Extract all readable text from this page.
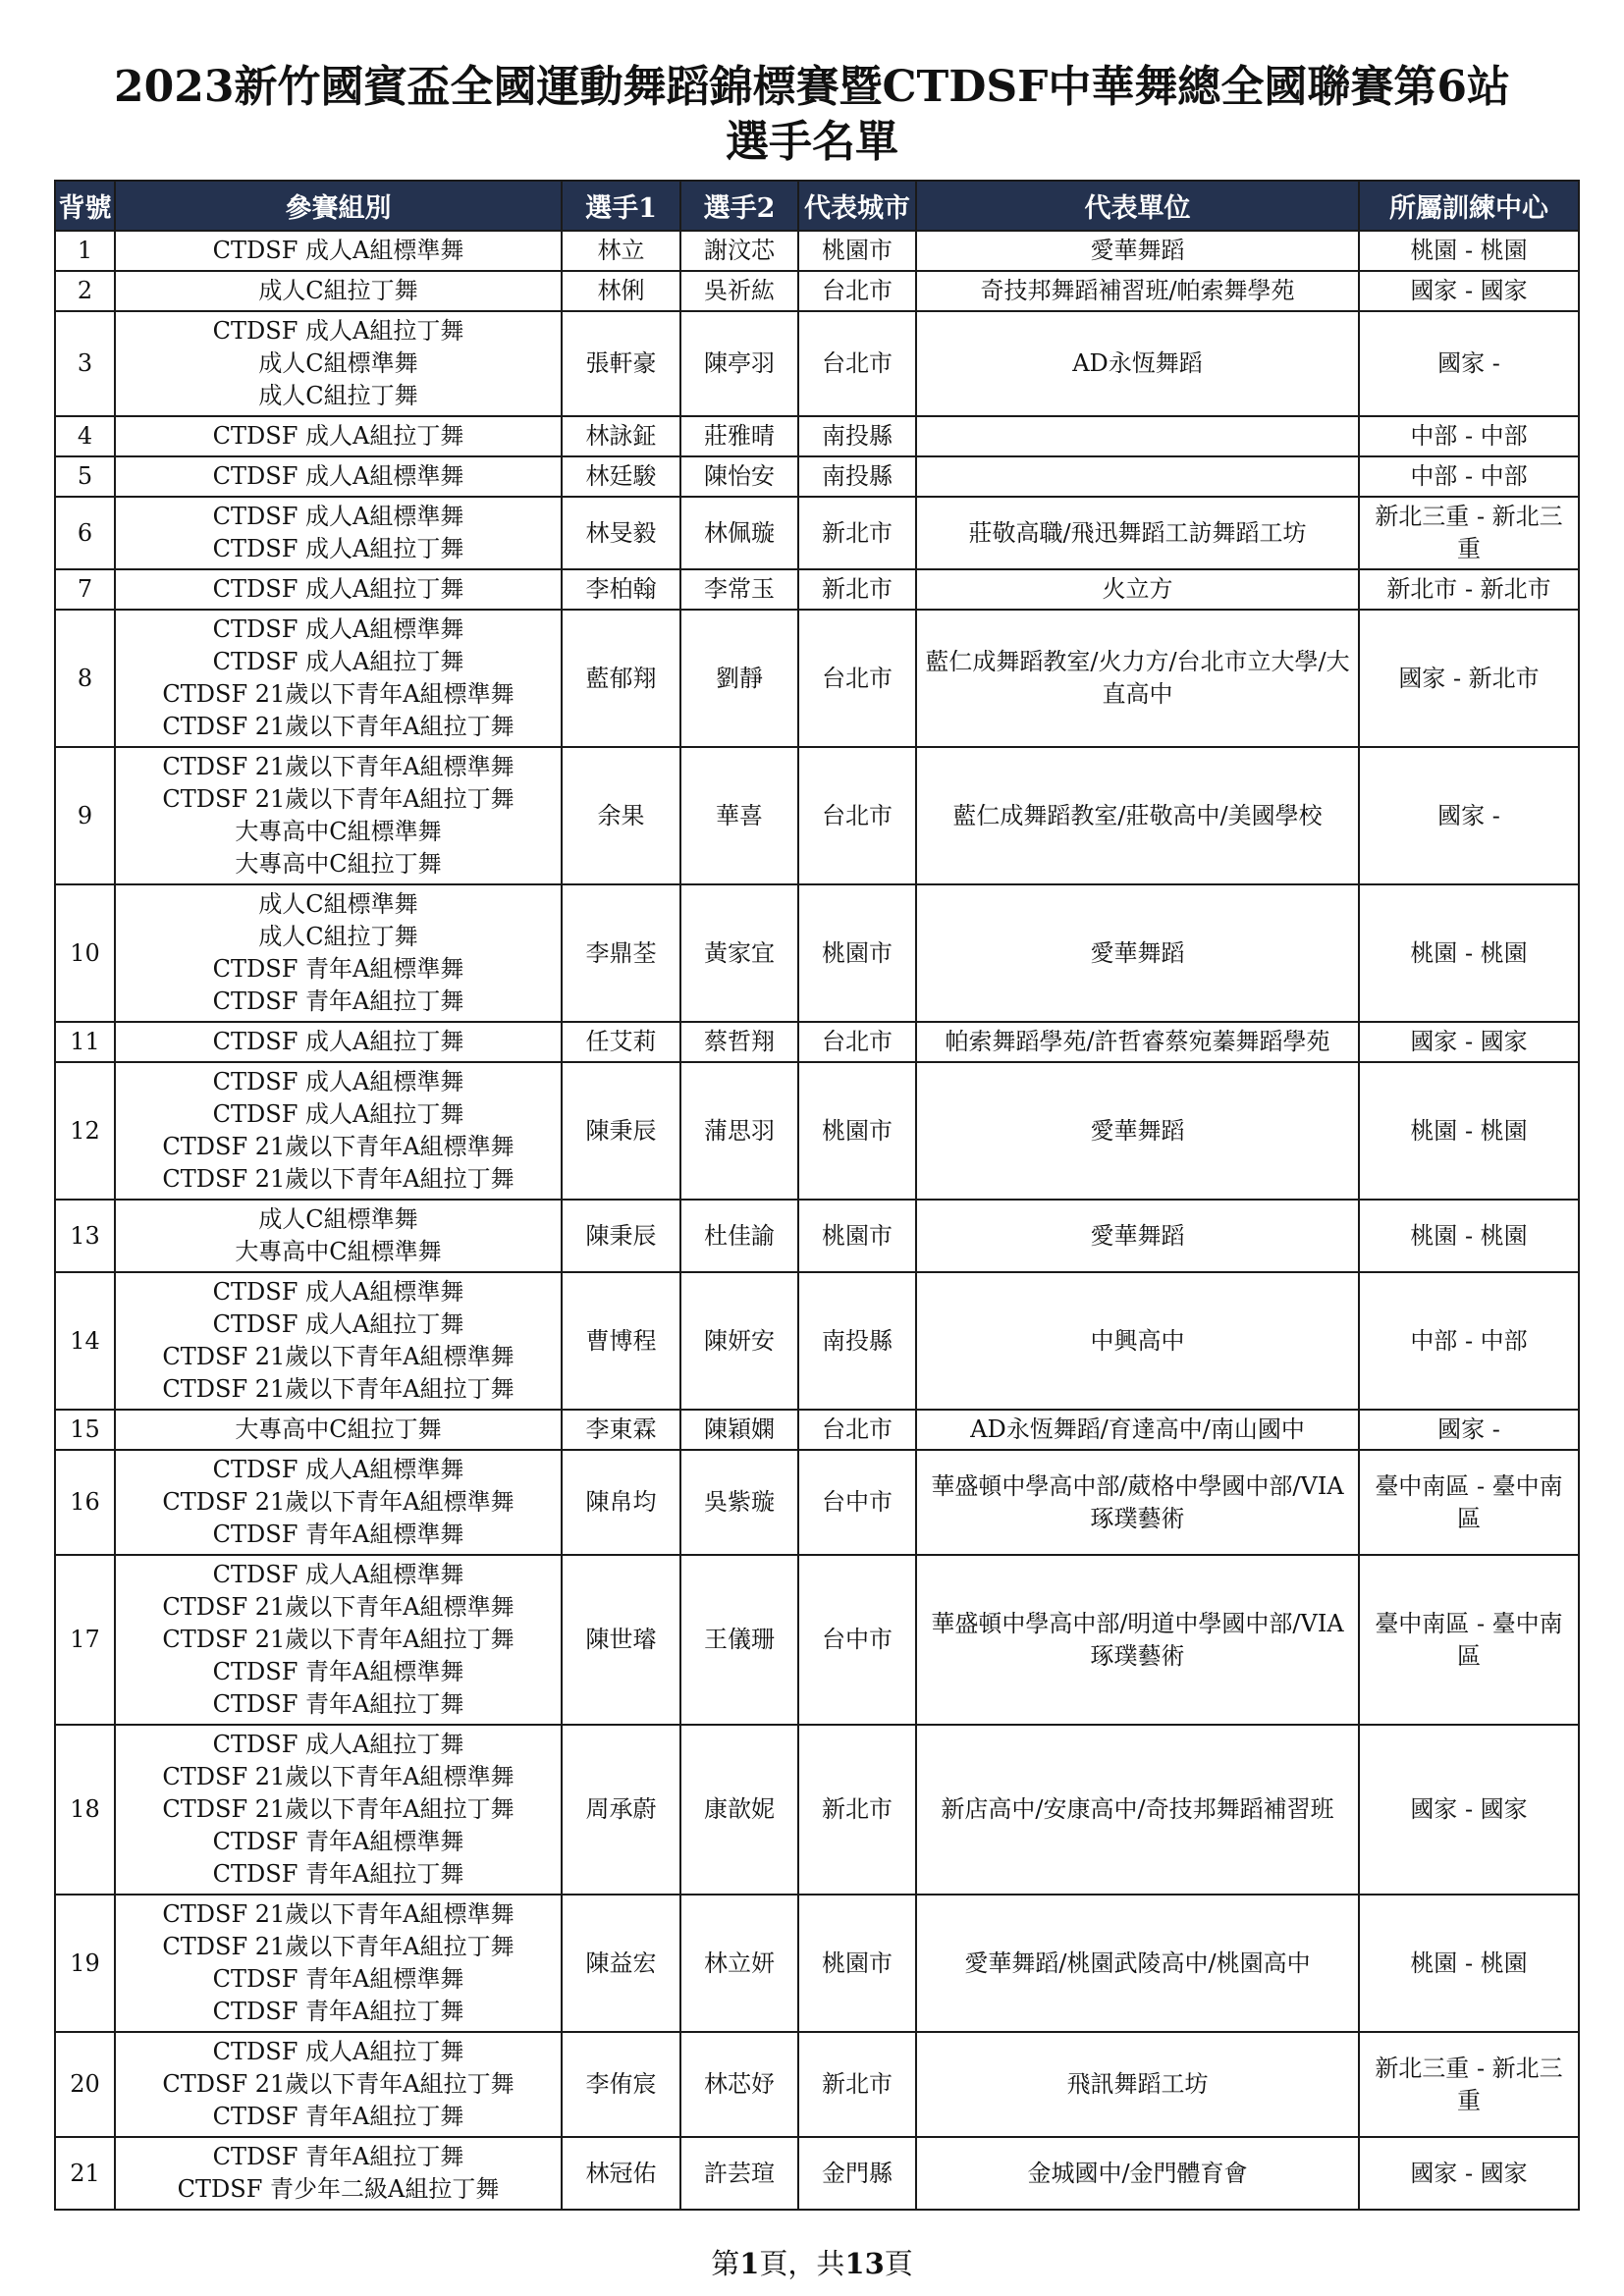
2023新竹國賓盃全國運動舞蹈錦標賽暨CTDSF中華舞總全國聯賽第6站
選手名單
背號	參賽組別	選手1	選手2	代表城市	代表單位	所屬訓練中心
1	CTDSF 成人A組標準舞	林立	謝汶芯	桃園市	愛華舞蹈	桃園 - 桃園
2	成人C組拉丁舞	林俐	吳祈紘	台北市	奇技邦舞蹈補習班/帕索舞學苑	國家 - 國家
3	CTDSF 成人A組拉丁舞
成人C組標準舞
成人C組拉丁舞	張軒豪	陳亭羽	台北市	AD永恆舞蹈	國家 -
4	CTDSF 成人A組拉丁舞	林詠鉦	莊雅晴	南投縣		中部 - 中部
5	CTDSF 成人A組標準舞	林廷駿	陳怡安	南投縣		中部 - 中部
6	CTDSF 成人A組標準舞
CTDSF 成人A組拉丁舞	林旻毅	林佩璇	新北市	莊敬高職/飛迅舞蹈工訪舞蹈工坊	新北三重 - 新北三重
7	CTDSF 成人A組拉丁舞	李柏翰	李常玉	新北市	火立方	新北市 - 新北市
8	CTDSF 成人A組標準舞
CTDSF 成人A組拉丁舞
CTDSF 21歲以下青年A組標準舞
CTDSF 21歲以下青年A組拉丁舞	藍郁翔	劉靜	台北市	藍仁成舞蹈教室/火力方/台北市立大學/大直高中	國家 - 新北市
9	CTDSF 21歲以下青年A組標準舞
CTDSF 21歲以下青年A組拉丁舞
大專高中C組標準舞
大專高中C組拉丁舞	余果	華喜	台北市	藍仁成舞蹈教室/莊敬高中/美國學校	國家 -
10	成人C組標準舞
成人C組拉丁舞
CTDSF 青年A組標準舞
CTDSF 青年A組拉丁舞	李鼎荃	黃家宜	桃園市	愛華舞蹈	桃園 - 桃園
11	CTDSF 成人A組拉丁舞	任艾莉	蔡哲翔	台北市	帕索舞蹈學苑/許哲睿蔡宛蓁舞蹈學苑	國家 - 國家
12	CTDSF 成人A組標準舞
CTDSF 成人A組拉丁舞
CTDSF 21歲以下青年A組標準舞
CTDSF 21歲以下青年A組拉丁舞	陳秉辰	蒲思羽	桃園市	愛華舞蹈	桃園 - 桃園
13	成人C組標準舞
大專高中C組標準舞	陳秉辰	杜佳諭	桃園市	愛華舞蹈	桃園 - 桃園
14	CTDSF 成人A組標準舞
CTDSF 成人A組拉丁舞
CTDSF 21歲以下青年A組標準舞
CTDSF 21歲以下青年A組拉丁舞	曹博程	陳妍安	南投縣	中興高中	中部 - 中部
15	大專高中C組拉丁舞	李東霖	陳穎嫻	台北市	AD永恆舞蹈/育達高中/南山國中	國家 -
16	CTDSF 成人A組標準舞
CTDSF 21歲以下青年A組標準舞
CTDSF 青年A組標準舞	陳帛均	吳紫璇	台中市	華盛頓中學高中部/葳格中學國中部/VIA琢璞藝術	臺中南區 - 臺中南區
17	CTDSF 成人A組標準舞
CTDSF 21歲以下青年A組標準舞
CTDSF 21歲以下青年A組拉丁舞
CTDSF 青年A組標準舞
CTDSF 青年A組拉丁舞	陳世璿	王儀珊	台中市	華盛頓中學高中部/明道中學國中部/VIA琢璞藝術	臺中南區 - 臺中南區
18	CTDSF 成人A組拉丁舞
CTDSF 21歲以下青年A組標準舞
CTDSF 21歲以下青年A組拉丁舞
CTDSF 青年A組標準舞
CTDSF 青年A組拉丁舞	周承蔚	康歆妮	新北市	新店高中/安康高中/奇技邦舞蹈補習班	國家 - 國家
19	CTDSF 21歲以下青年A組標準舞
CTDSF 21歲以下青年A組拉丁舞
CTDSF 青年A組標準舞
CTDSF 青年A組拉丁舞	陳益宏	林立妍	桃園市	愛華舞蹈/桃園武陵高中/桃園高中	桃園 - 桃園
20	CTDSF 成人A組拉丁舞
CTDSF 21歲以下青年A組拉丁舞
CTDSF 青年A組拉丁舞	李侑宸	林芯妤	新北市	飛訊舞蹈工坊	新北三重 - 新北三重
21	CTDSF 青年A組拉丁舞
CTDSF 青少年二級A組拉丁舞	林冠佑	許芸瑄	金門縣	金城國中/金門體育會	國家 - 國家
第1頁，共13頁
